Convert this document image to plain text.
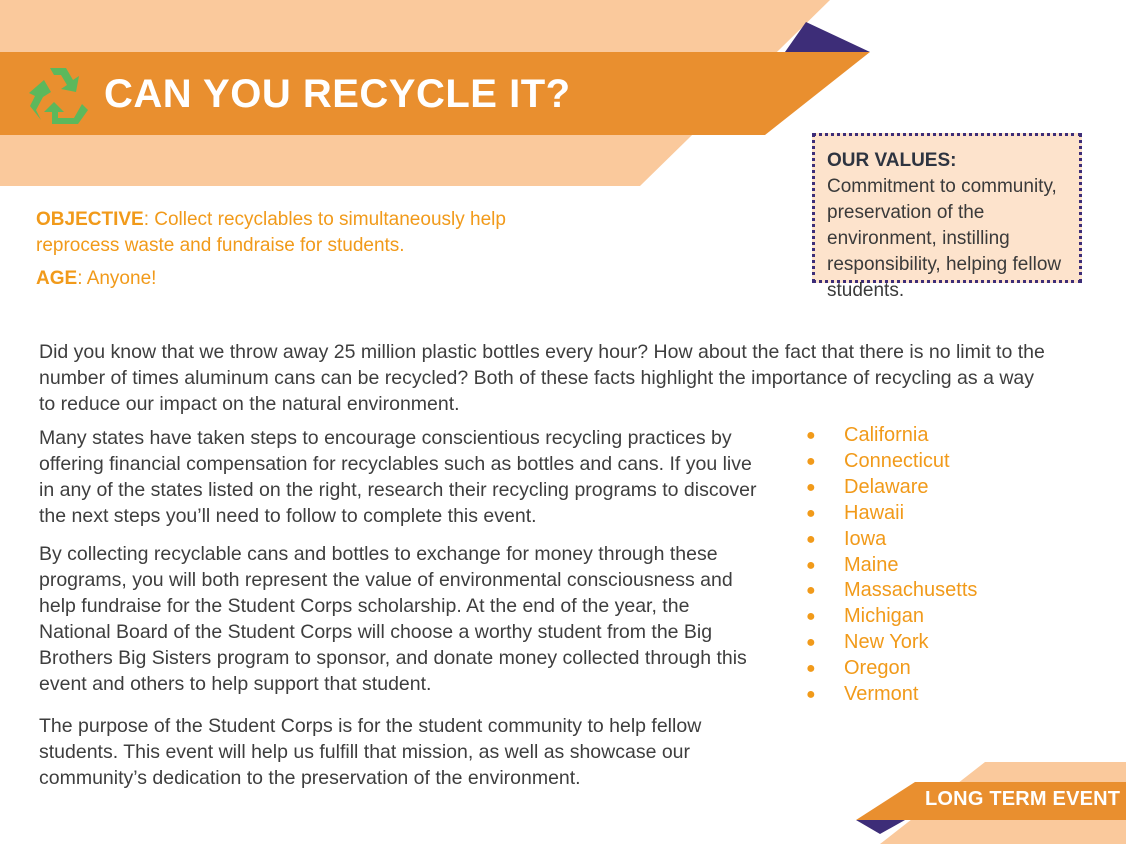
CAN YOU RECYCLE IT?
OUR VALUES: Commitment to community, preservation of the environment, instilling responsibility, helping fellow students.
OBJECTIVE: Collect recyclables to simultaneously help reprocess waste and fundraise for students.
AGE: Anyone!
Did you know that we throw away 25 million plastic bottles every hour? How about the fact that there is no limit to the number of times aluminum cans can be recycled? Both of these facts highlight the importance of recycling as a way to reduce our impact on the natural environment.
Many states have taken steps to encourage conscientious recycling practices by offering financial compensation for recyclables such as bottles and cans. If you live in any of the states listed on the right, research their recycling programs to discover the next steps you’ll need to follow to complete this event.
By collecting recyclable cans and bottles to exchange for money through these programs, you will both represent the value of environmental consciousness and help fundraise for the Student Corps scholarship. At the end of the year, the National Board of the Student Corps will choose a worthy student from the Big Brothers Big Sisters program to sponsor, and donate money collected through this event and others to help support that student.
The purpose of the Student Corps is for the student community to help fellow students. This event will help us fulfill that mission, as well as showcase our community’s dedication to the preservation of the environment.
●	California
●	Connecticut
●	Delaware
●	Hawaii
●	Iowa
●	Maine
●	Massachusetts
●	Michigan
●	New York
●	Oregon
●	Vermont
LONG TERM EVENT
